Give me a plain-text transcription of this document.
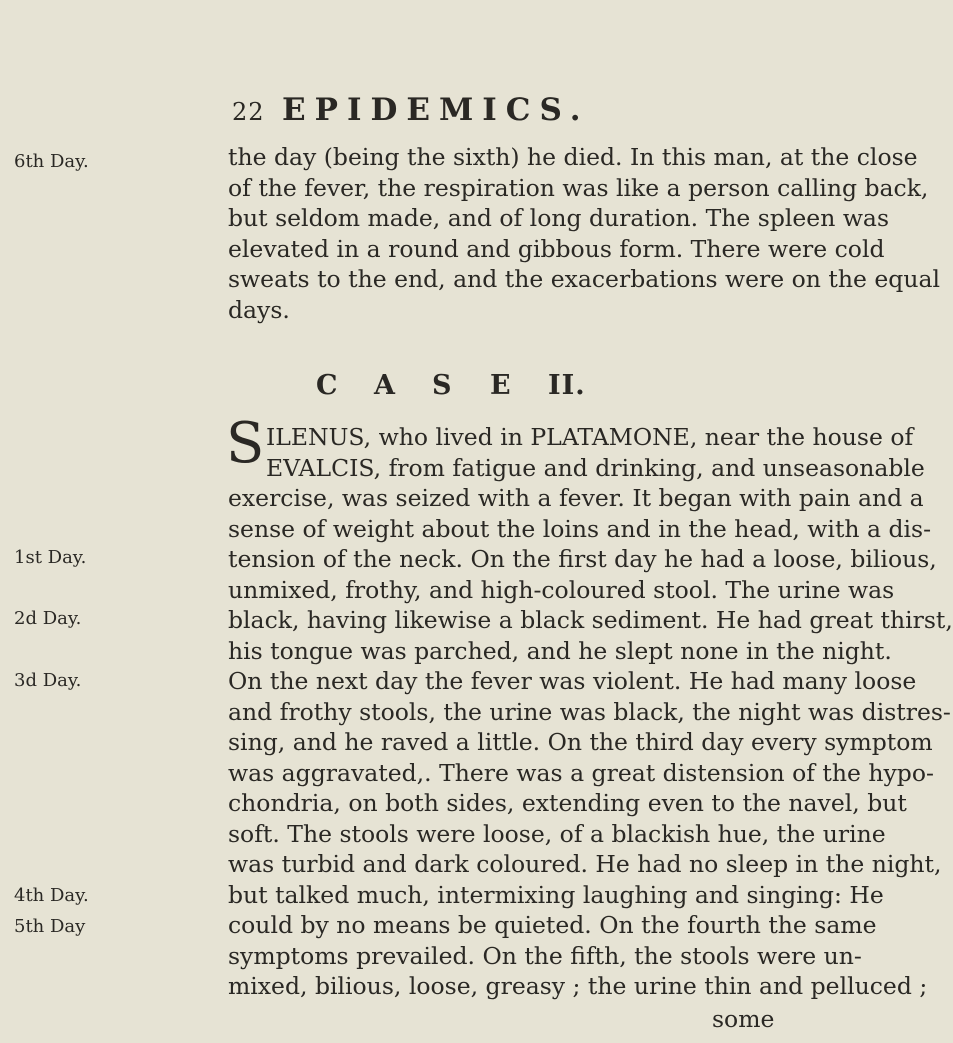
22 EPIDEMICS.
6th Day.
1st Day.
2d Day.
3d Day.
4th Day.
5th Day
the day (being the sixth) he died. In this man, at the close
of the fever, the respiration was like a person calling back,
but seldom made, and of long duration. The spleen was
elevated in a round and gibbous form. There were cold
sweats to the end, and the exacerbations were on the equal
days.
C A S E II.
S ILENUS, who lived in PLATAMONE, near the house of
EVALCIS, from fatigue and drinking, and unseasonable
exercise, was seized with a fever. It began with pain and a
sense of weight about the loins and in the head, with a dis-
tension of the neck. On the first day he had a loose, bilious,
unmixed, frothy, and high-coloured stool. The urine was
black, having likewise a black sediment. He had great thirst,
his tongue was parched, and he slept none in the night.
On the next day the fever was violent. He had many loose
and frothy stools, the urine was black, the night was distres-
sing, and he raved a little. On the third day every symptom
was aggravated,. There was a great distension of the hypo-
chondria, on both sides, extending even to the navel, but
soft. The stools were loose, of a blackish hue, the urine
was turbid and dark coloured. He had no sleep in the night,
but talked much, intermixing laughing and singing: He
could by no means be quieted. On the fourth the same
symptoms prevailed. On the fifth, the stools were un-
mixed, bilious, loose, greasy ; the urine thin and pelluced ;
some
